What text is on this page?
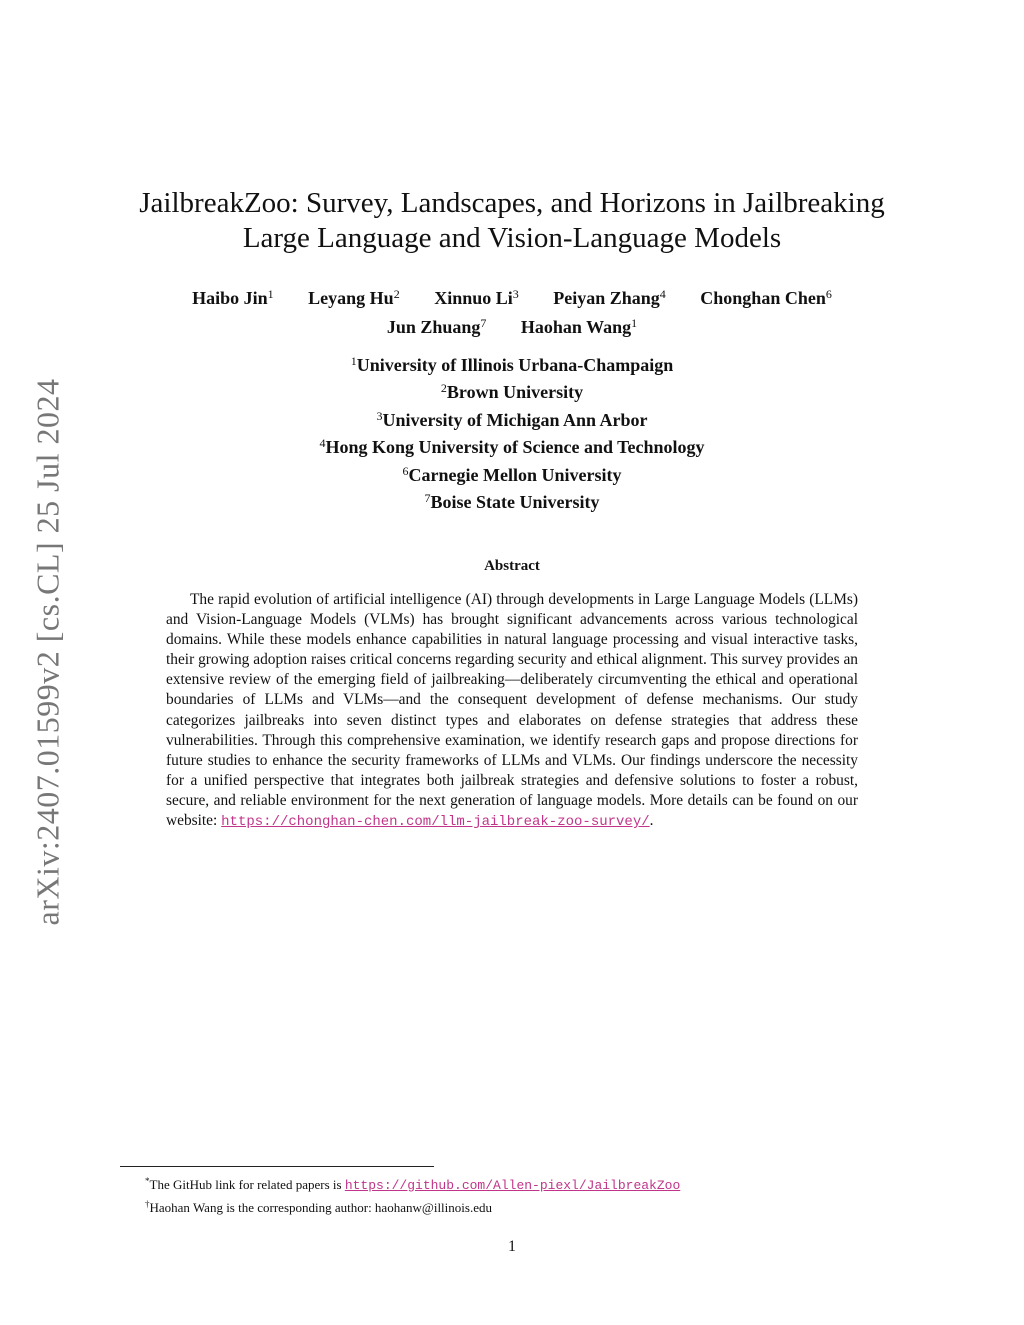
arXiv:2407.01599v2 [cs.CL] 25 Jul 2024
JailbreakZoo: Survey, Landscapes, and Horizons in Jailbreaking
Large Language and Vision-Language Models
Haibo Jin$^1$ Leyang Hu$^2$ Xinnuo Li$^3$ Peiyan Zhang$^4$ Chonghan Chen$^6$
Jun Zhuang$^7$ Haohan Wang$^1$
$^1$University of Illinois Urbana-Champaign
$^2$Brown University
$^3$University of Michigan Ann Arbor
$^4$Hong Kong University of Science and Technology
$^6$Carnegie Mellon University
$^7$Boise State University
Abstract

The rapid evolution of artificial intelligence (AI) through developments in Large Language Models (LLMs) and Vision-Language Models (VLMs) has brought significant advancements across various technological domains. While these models enhance capabilities in natural language processing and visual interactive tasks, their growing adoption raises critical concerns regarding security and ethical alignment. This survey provides an extensive review of the emerging field of jailbreaking—deliberately circumventing the ethical and operational boundaries of LLMs and VLMs—and the consequent development of defense mechanisms. Our study categorizes jailbreaks into seven distinct types and elaborates on defense strategies that address these vulnerabilities. Through this comprehensive examination, we identify research gaps and propose directions for future studies to enhance the security frameworks of LLMs and VLMs. Our findings underscore the necessity for a unified perspective that integrates both jailbreak strategies and defensive solutions to foster a robust, secure, and reliable environment for the next generation of language models. More details can be found on our website: https://chonghan-chen.com/llm-jailbreak-zoo-survey/.

*The GitHub link for related papers is https://github.com/Allen-piexl/JailbreakZoo
†Haohan Wang is the corresponding author: haohanw@illinois.edu
1
